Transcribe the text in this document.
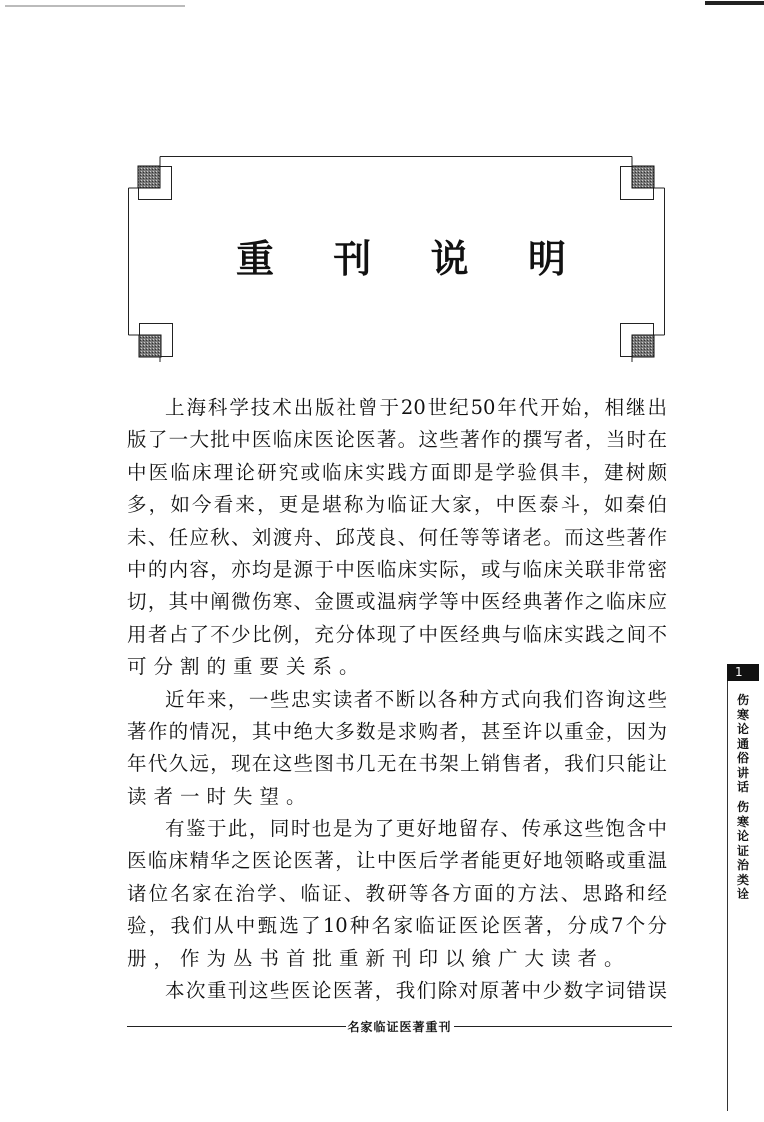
重 刊 说 明
上海科学技术出版社曾于20世纪50年代开始，相继出
版了一大批中医临床医论医著。这些著作的撰写者，当时在
中医临床理论研究或临床实践方面即是学验俱丰，建树颇
多，如今看来，更是堪称为临证大家，中医泰斗，如秦伯
未、任应秋、刘渡舟、邱茂良、何任等等诸老。而这些著作
中的内容，亦均是源于中医临床实际，或与临床关联非常密
切，其中阐微伤寒、金匮或温病学等中医经典著作之临床应
用者占了不少比例，充分体现了中医经典与临床实践之间不
可分割的重要关系。
近年来，一些忠实读者不断以各种方式向我们咨询这些
著作的情况，其中绝大多数是求购者，甚至许以重金，因为
年代久远，现在这些图书几无在书架上销售者，我们只能让
读者一时失望。
有鉴于此，同时也是为了更好地留存、传承这些饱含中
医临床精华之医论医著，让中医后学者能更好地领略或重温
诸位名家在治学、临证、教研等各方面的方法、思路和经
验，我们从中甄选了10种名家临证医论医著，分成7个分
册，作为丛书首批重新刊印以飨广大读者。
本次重刊这些医论医著，我们除对原著中少数字词错误
名家临证医著重刊
1
伤寒论通俗讲话
伤寒论证治类诠
